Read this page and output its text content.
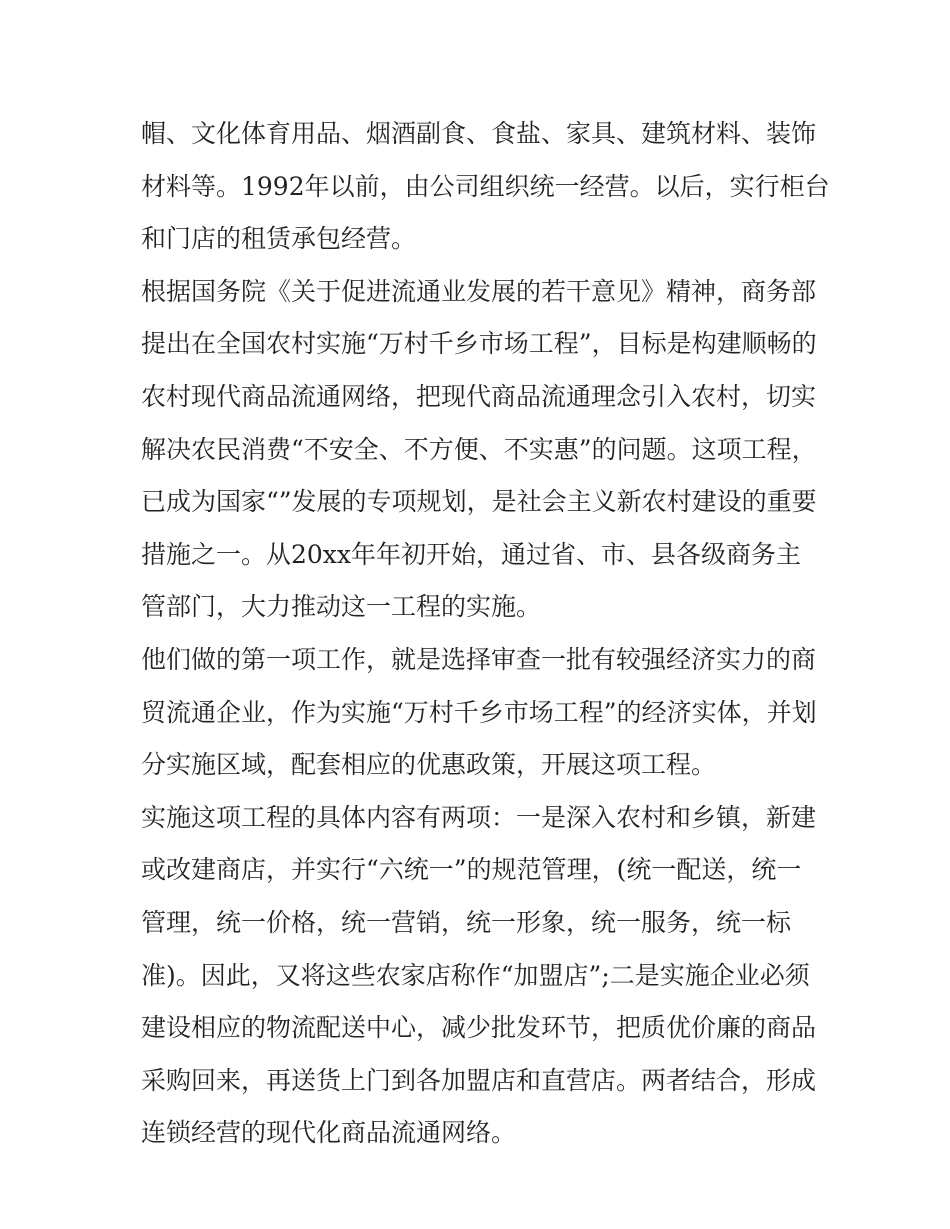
帽、文化体育用品、烟酒副食、食盐、家具、建筑材料、装饰
材料等。1992年以前，由公司组织统一经营。以后，实行柜台
和门店的租赁承包经营。
根据国务院《关于促进流通业发展的若干意见》精神，商务部
提出在全国农村实施“万村千乡市场工程”，目标是构建顺畅的
农村现代商品流通网络，把现代商品流通理念引入农村，切实
解决农民消费“不安全、不方便、不实惠”的问题。这项工程，
已成为国家“”发展的专项规划，是社会主义新农村建设的重要
措施之一。从20xx年年初开始，通过省、市、县各级商务主
管部门，大力推动这一工程的实施。
他们做的第一项工作，就是选择审查一批有较强经济实力的商
贸流通企业，作为实施“万村千乡市场工程”的经济实体，并划
分实施区域，配套相应的优惠政策，开展这项工程。
实施这项工程的具体内容有两项：一是深入农村和乡镇，新建
或改建商店，并实行“六统一”的规范管理，(统一配送，统一
管理，统一价格，统一营销，统一形象，统一服务，统一标
准)。因此，又将这些农家店称作“加盟店”;二是实施企业必须
建设相应的物流配送中心，减少批发环节，把质优价廉的商品
采购回来，再送货上门到各加盟店和直营店。两者结合，形成
连锁经营的现代化商品流通网络。
